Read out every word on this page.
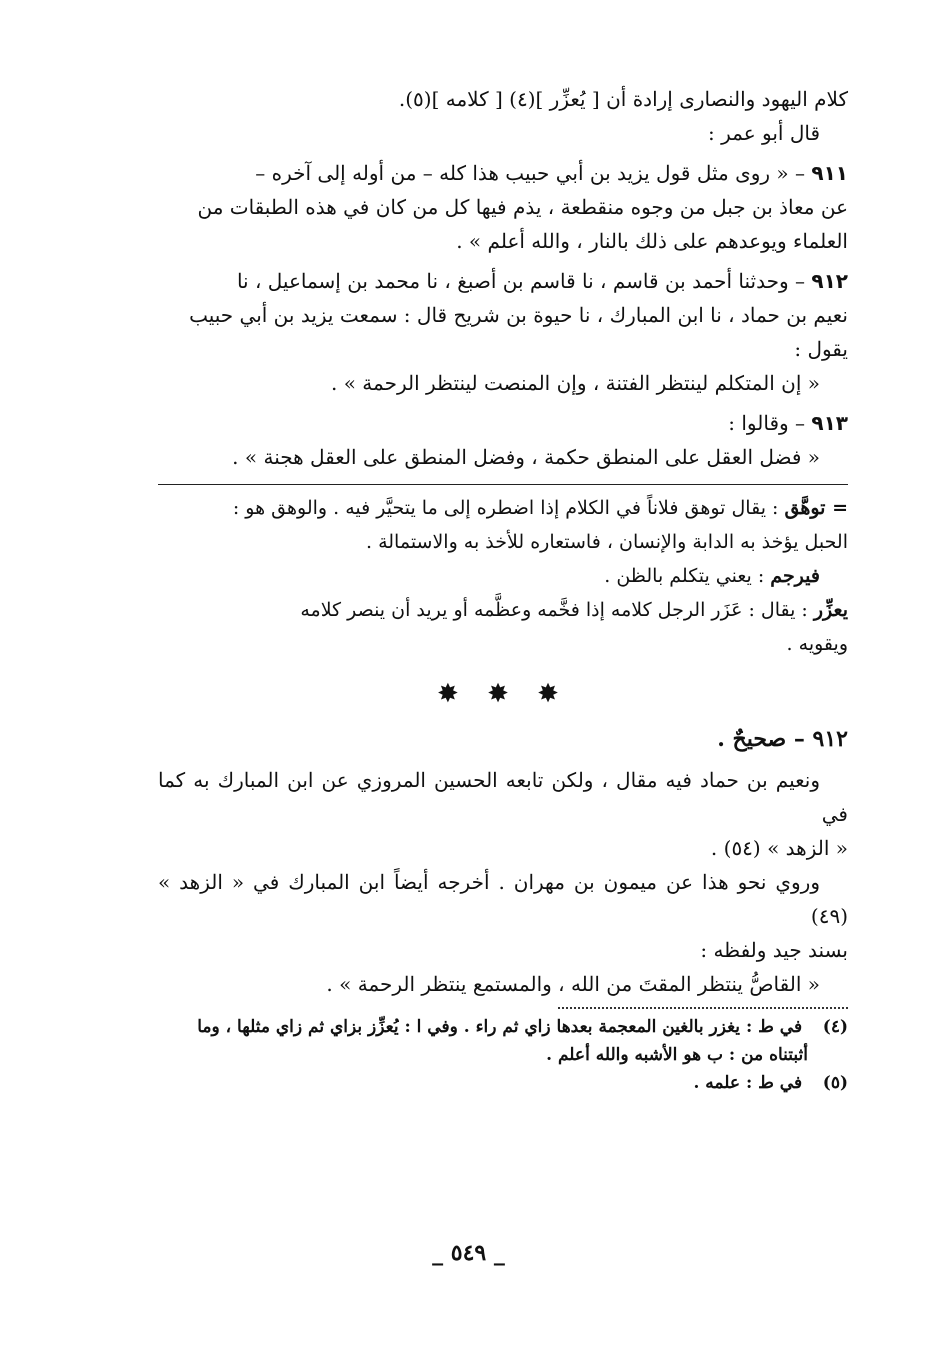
كلام اليهود والنصارى إرادة أن [ يُعزِّر ](٤) [ كلامه ](٥).

قال أبو عمر :

٩١١ – « روى مثل قول يزيد بن أبي حبيب هذا كله – من أوله إلى آخره –

عن معاذ بن جبل من وجوه منقطعة ، يذم فيها كل من كان في هذه الطبقات من

العلماء ويوعدهم على ذلك بالنار ، والله أعلم » .

٩١٢ – وحدثنا أحمد بن قاسم ، نا قاسم بن أصبغ ، نا محمد بن إسماعيل ، نا

نعيم بن حماد ، نا ابن المبارك ، نا حيوة بن شريح قال : سمعت يزيد بن أبي حبيب

يقول :

« إن المتكلم لينتظر الفتنة ، وإن المنصت لينتظر الرحمة » .

٩١٣ – وقالوا :

« فضل العقل على المنطق حكمة ، وفضل المنطق على العقل هجنة » .

= توهَّق : يقال توهق فلاناً في الكلام إذا اضطره إلى ما يتحيَّر فيه . والوهق هو :

الحبل يؤخذ به الدابة والإنسان ، فاستعاره للأخذ به والاستمالة .

فيرجم : يعني يتكلم بالظن .

يعزِّر : يقال : عَزَر الرجل كلامه إذا فخَّمه وعظَّمه أو يريد أن ينصر كلامه

ويقويه .

✸ ✸ ✸

٩١٢ – صحيحٌ .

ونعيم بن حماد فيه مقال ، ولكن تابعه الحسين المروزي عن ابن المبارك به كما في

« الزهد » (٥٤) .

وروي نحو هذا عن ميمون بن مهران . أخرجه أيضاً ابن المبارك في « الزهد » (٤٩)

بسند جيد ولفظه :

« القاصُّ ينتظر المقتَ من الله ، والمستمع ينتظر الرحمة » .

(٤) في ط : يغزر بالغين المعجمة بعدها زاي ثم راء . وفي ا : يُعزِّز بزاي ثم زاي مثلها ، وما

أثبتناه من : ب هو الأشبه والله أعلم .

(٥) في ط : علمه .

_ ٥٤٩ _
